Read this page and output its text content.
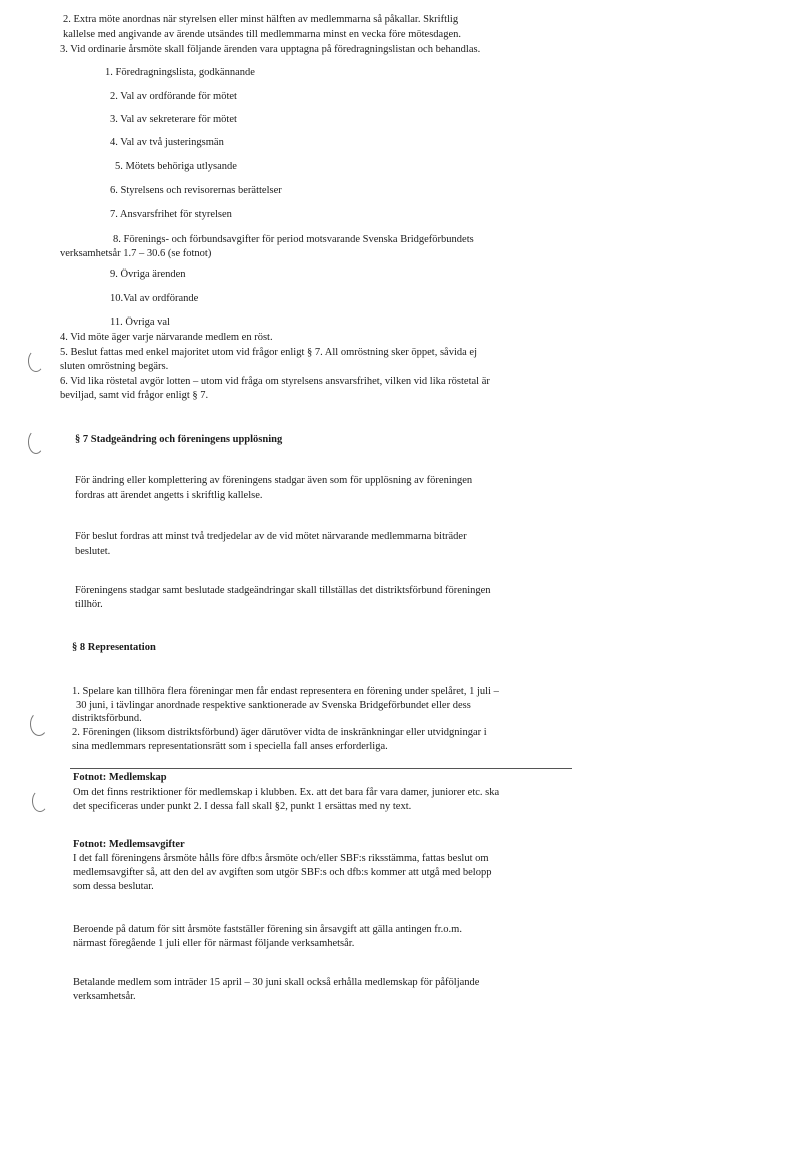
2. Extra möte anordnas när styrelsen eller minst hälften av medlemmarna så påkallar. Skriftlig
kallelse med angivande av ärende utsändes till medlemmarna minst en vecka före mötesdagen.
3. Vid ordinarie årsmöte skall följande ärenden vara upptagna på föredragningslistan och behandlas.
1. Föredragningslista, godkännande
2. Val av ordförande för mötet
3. Val av sekreterare för mötet
4. Val av två justeringsmän
5. Mötets behöriga utlysande
6. Styrelsens och revisorernas berättelser
7. Ansvarsfrihet för styrelsen
8. Förenings- och förbundsavgifter för period motsvarande Svenska Bridgeförbundets
verksamhetsår 1.7 – 30.6 (se fotnot)
9. Övriga ärenden
10.Val av ordförande
11. Övriga val
4. Vid möte äger varje närvarande medlem en röst.
5. Beslut fattas med enkel majoritet utom vid frågor enligt § 7. All omröstning sker öppet, såvida ej
sluten omröstning begärs.
6. Vid lika röstetal avgör lotten – utom vid fråga om styrelsens ansvarsfrihet, vilken vid lika röstetal är
beviljad, samt vid frågor enligt § 7.
§ 7 Stadgeändring och föreningens upplösning
För ändring eller komplettering av föreningens stadgar även som för upplösning av föreningen
fordras att ärendet angetts i skriftlig kallelse.
För beslut fordras att minst två tredjedelar av de vid mötet närvarande medlemmarna biträder
beslutet.
Föreningens stadgar samt beslutade stadgeändringar skall tillställas det distriktsförbund föreningen
tillhör.
§ 8 Representation
1. Spelare kan tillhöra flera föreningar men får endast representera en förening under spelåret, 1 juli –
30 juni, i tävlingar anordnade respektive sanktionerade av Svenska Bridgeförbundet eller dess
distriktsförbund.
2. Föreningen (liksom distriktsförbund) äger därutöver vidta de inskränkningar eller utvidgningar i
sina medlemmars representationsrätt som i speciella fall anses erforderliga.
Fotnot: Medlemskap
Om det finns restriktioner för medlemskap i klubben. Ex. att det bara får vara damer, juniorer etc. ska
det specificeras under punkt 2. I dessa fall skall §2, punkt 1 ersättas med ny text.
Fotnot: Medlemsavgifter
I det fall föreningens årsmöte hålls före dfb:s årsmöte och/eller SBF:s riksstämma, fattas beslut om
medlemsavgifter så, att den del av avgiften som utgör SBF:s och dfb:s kommer att utgå med belopp
som dessa beslutar.
Beroende på datum för sitt årsmöte fastställer förening sin årsavgift att gälla antingen fr.o.m.
närmast föregående 1 juli eller för närmast följande verksamhetsår.
Betalande medlem som inträder 15 april – 30 juni skall också erhålla medlemskap för påföljande
verksamhetsår.
